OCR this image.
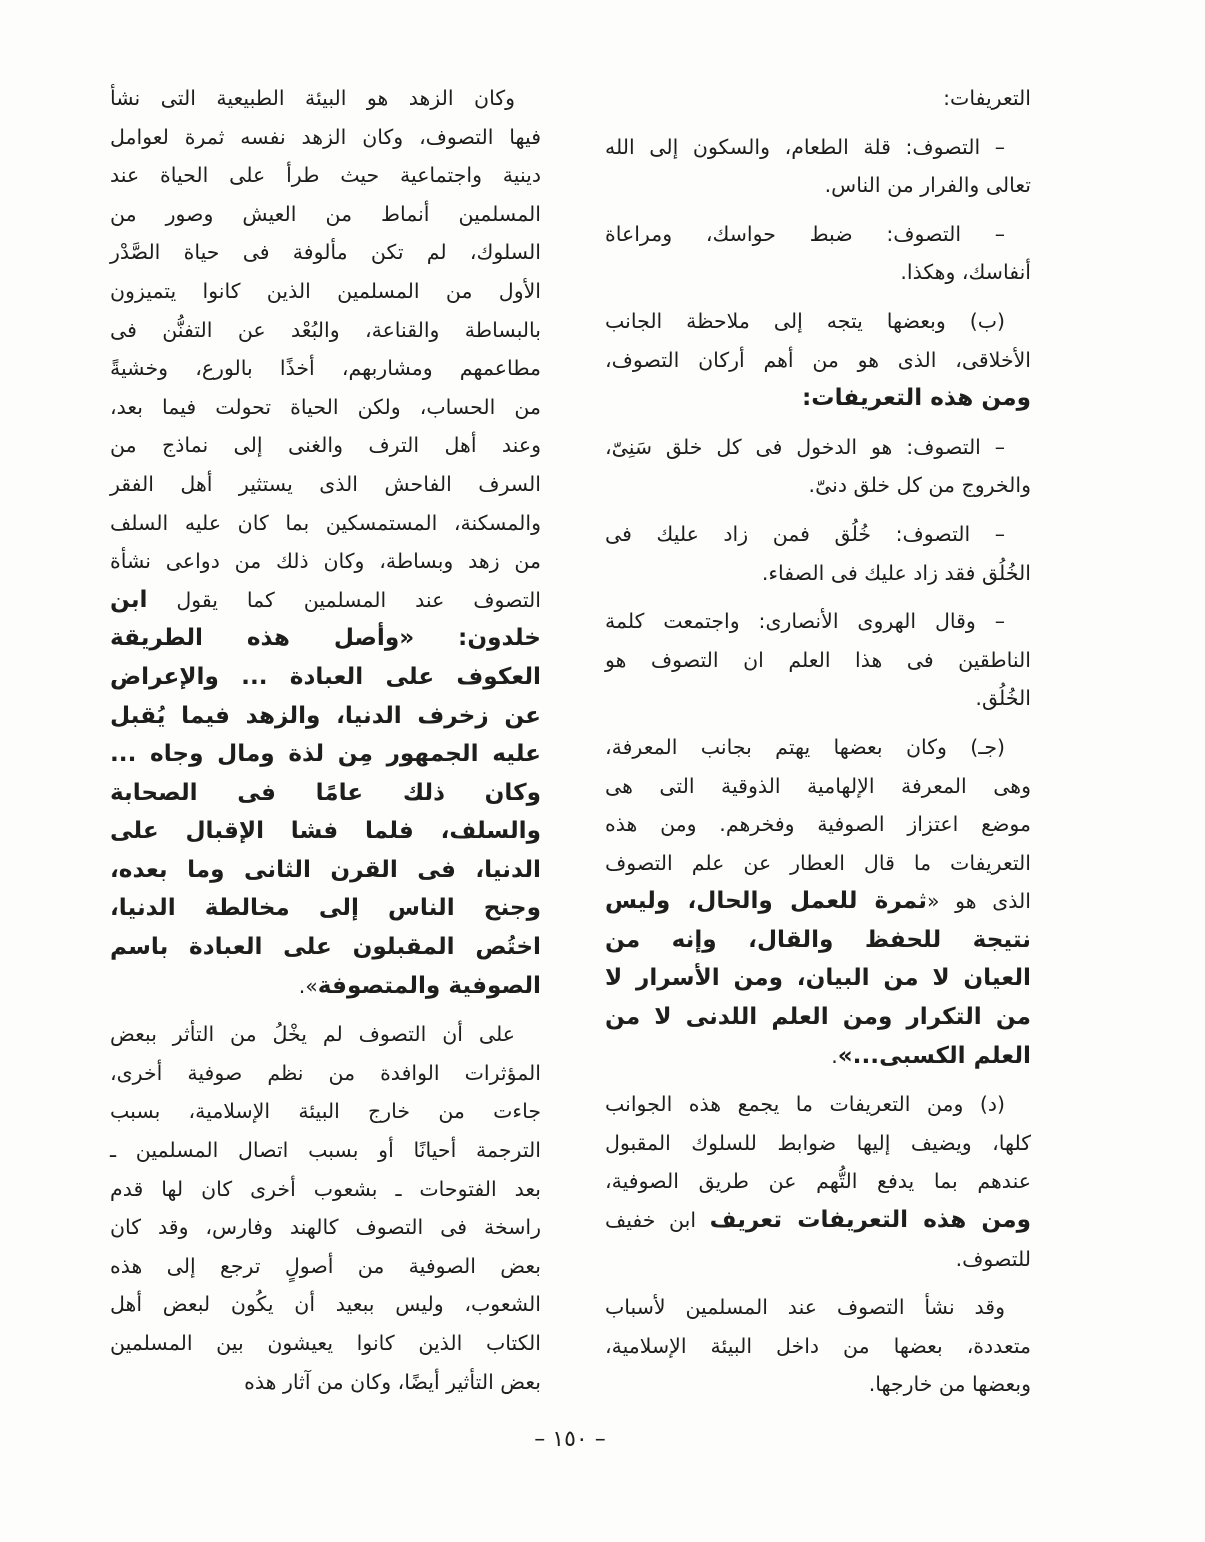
التعريفات:
– التصوف: قلة الطعام، والسكون إلى الله
تعالى والفرار من الناس.
– التصوف: ضبط حواسك، ومراعاة
أنفاسك، وهكذا.
(ب) وبعضها يتجه إلى ملاحظة الجانب
الأخلاقى، الذى هو من أهم أركان التصوف،
ومن هذه التعريفات:
– التصوف: هو الدخول فى كل خلق سَنِىّ،
والخروج من كل خلق دنىّ.
– التصوف: خُلُق فمن زاد عليك فى
الخُلُق فقد زاد عليك فى الصفاء.
– وقال الهروى الأنصارى: واجتمعت كلمة
الناطقين فى هذا العلم ان التصوف هو
الخُلُق.
(جـ) وكان بعضها يهتم بجانب المعرفة،
وهى المعرفة الإلهامية الذوقية التى هى
موضع اعتزاز الصوفية وفخرهم. ومن هذه
التعريفات ما قال العطار عن علم التصوف
الذى هو «ثمرة للعمل والحال، وليس
نتيجة للحفظ والقال، وإنه من
العيان لا من البيان، ومن الأسرار لا
من التكرار ومن العلم اللدنى لا من
العلم الكسبى...».
(د) ومن التعريفات ما يجمع هذه الجوانب
كلها، ويضيف إليها ضوابط للسلوك المقبول
عندهم بما يدفع التُّهم عن طريق الصوفية،
ومن هذه التعريفات تعريف ابن خفيف
للتصوف.
وقد نشأ التصوف عند المسلمين لأسباب
متعددة، بعضها من داخل البيئة الإسلامية،
وبعضها من خارجها.
وكان الزهد هو البيئة الطبيعية التى نشأ
فيها التصوف، وكان الزهد نفسه ثمرة لعوامل
دينية واجتماعية حيث طرأ على الحياة عند
المسلمين أنماط من العيش وصور من
السلوك، لم تكن مألوفة فى حياة الصَّدْر
الأول من المسلمين الذين كانوا يتميزون
بالبساطة والقناعة، والبُعْد عن التفنُّن فى
مطاعمهم ومشاربهم، أخذًا بالورع، وخشيةً
من الحساب، ولكن الحياة تحولت فيما بعد،
وعند أهل الترف والغنى إلى نماذج من
السرف الفاحش الذى يستثير أهل الفقر
والمسكنة، المستمسكين بما كان عليه السلف
من زهد وبساطة، وكان ذلك من دواعى نشأة
التصوف عند المسلمين كما يقول ابن
خلدون: «وأصل هذه الطريقة
العكوف على العبادة ... والإعراض
عن زخرف الدنيا، والزهد فيما يُقبل
عليه الجمهور مِن لذة ومال وجاه ...
وكان ذلك عامًا فى الصحابة
والسلف، فلما فشا الإقبال على
الدنيا، فى القرن الثانى وما بعده،
وجنح الناس إلى مخالطة الدنيا،
اختُص المقبلون على العبادة باسم
الصوفية والمتصوفة».
على أن التصوف لم يخْلُ من التأثر ببعض
المؤثرات الوافدة من نظم صوفية أخرى،
جاءت من خارج البيئة الإسلامية، بسبب
الترجمة أحيانًا أو بسبب اتصال المسلمين ـ
بعد الفتوحات ـ بشعوب أخرى كان لها قدم
راسخة فى التصوف كالهند وفارس، وقد كان
بعض الصوفية من أصولٍ ترجع إلى هذه
الشعوب، وليس ببعيد أن يكُون لبعض أهل
الكتاب الذين كانوا يعيشون بين المسلمين
بعض التأثير أيضًا، وكان من آثار هذه
– ١٥٠ –
